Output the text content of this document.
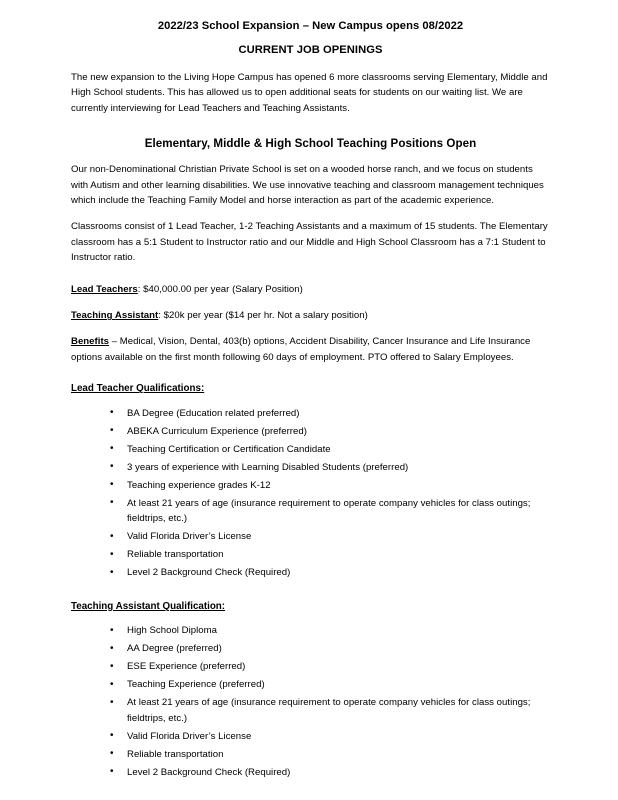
2022/23 School Expansion – New Campus opens 08/2022
CURRENT JOB OPENINGS

The new expansion to the Living Hope Campus has opened 6 more classrooms serving Elementary, Middle and High School students. This has allowed us to open additional seats for students on our waiting list. We are currently interviewing for Lead Teachers and Teaching Assistants.

Elementary, Middle & High School Teaching Positions Open

Our non-Denominational Christian Private School is set on a wooded horse ranch, and we focus on students with Autism and other learning disabilities. We use innovative teaching and classroom management techniques which include the Teaching Family Model and horse interaction as part of the academic experience.

Classrooms consist of 1 Lead Teacher, 1-2 Teaching Assistants and a maximum of 15 students. The Elementary classroom has a 5:1 Student to Instructor ratio and our Middle and High School Classroom has a 7:1 Student to Instructor ratio.

Lead Teachers: $40,000.00 per year (Salary Position)

Teaching Assistant: $20k per year ($14 per hr. Not a salary position)

Benefits – Medical, Vision, Dental, 403(b) options, Accident Disability, Cancer Insurance and Life Insurance options available on the first month following 60 days of employment. PTO offered to Salary Employees.

Lead Teacher Qualifications:
• BA Degree (Education related preferred)
• ABEKA Curriculum Experience (preferred)
• Teaching Certification or Certification Candidate
• 3 years of experience with Learning Disabled Students (preferred)
• Teaching experience grades K-12
• At least 21 years of age (insurance requirement to operate company vehicles for class outings; fieldtrips, etc.)
• Valid Florida Driver’s License
• Reliable transportation
• Level 2 Background Check (Required)
Teaching Assistant Qualification:
• High School Diploma
• AA Degree (preferred)
• ESE Experience (preferred)
• Teaching Experience (preferred)
• At least 21 years of age (insurance requirement to operate company vehicles for class outings; fieldtrips, etc.)
• Valid Florida Driver’s License
• Reliable transportation
• Level 2 Background Check (Required)
